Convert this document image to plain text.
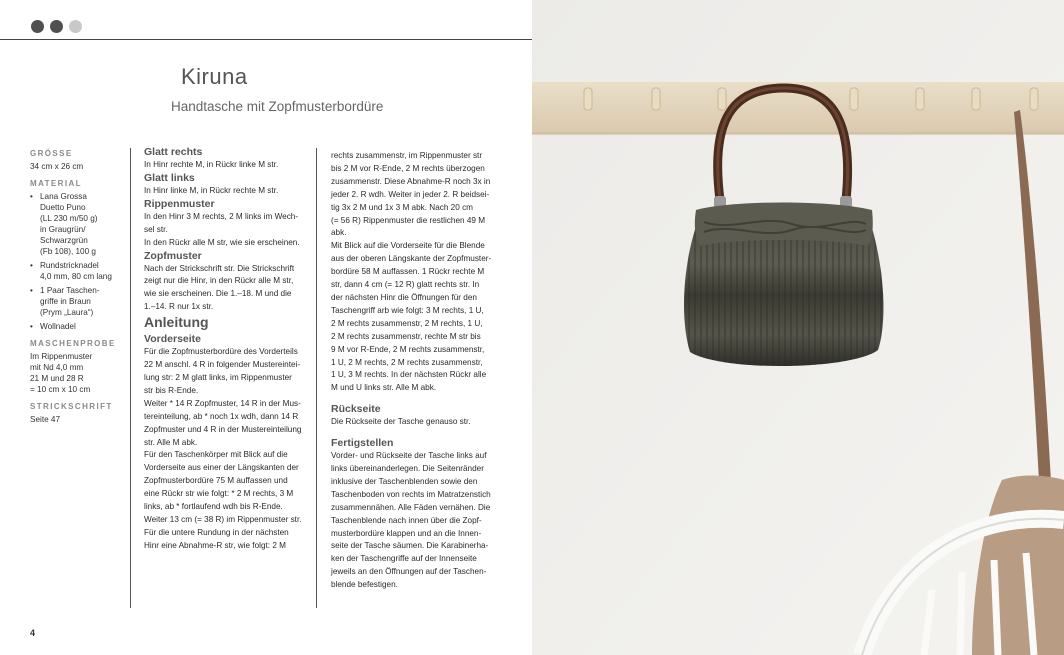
Kiruna
Handtasche mit Zopfmusterbordüre
GRÖSSE
34 cm x 26 cm
MATERIAL
• Lana Grossa
Duetto Puno
(LL 230 m/50 g)
in Graugrün/
Schwarzgrün
(Fb 108), 100 g
• Rundstricknadel
4,0 mm, 80 cm lang
• 1 Paar Taschen-
griffe in Braun
(Prym „Laura“)
• Wollnadel
MASCHENPROBE
Im Rippenmuster
mit Nd 4,0 mm
21 M und 28 R
= 10 cm x 10 cm
STRICKSCHRIFT
Seite 47

Glatt rechts

In Hinr rechte M, in Rückr linke M str.

Glatt links

In Hinr linke M, in Rückr rechte M str.

Rippenmuster

In den Hinr 3 M rechts, 2 M links im Wech-
sel str.
In den Rückr alle M str, wie sie erscheinen.

Zopfmuster

Nach der Strickschrift str. Die Strickschrift
zeigt nur die Hinr, in den Rückr alle M str,
wie sie erscheinen. Die 1.–18. M und die
1.–14. R nur 1x str.

Anleitung

Vorderseite

Für die Zopfmusterbordüre des Vorderteils
22 M anschl. 4 R in folgender Mustereintei-
lung str: 2 M glatt links, im Rippenmuster
str bis R-Ende.
Weiter * 14 R Zopfmuster, 14 R in der Mus-
tereinteilung, ab * noch 1x wdh, dann 14 R
Zopfmuster und 4 R in der Mustereinteilung
str. Alle M abk.
Für den Taschenkörper mit Blick auf die
Vorderseite aus einer der Längskanten der
Zopfmusterbordüre 75 M auffassen und
eine Rückr str wie folgt: * 2 M rechts, 3 M
links, ab * fortlaufend wdh bis R-Ende.
Weiter 13 cm (= 38 R) im Rippenmuster str.
Für die untere Rundung in der nächsten
Hinr eine Abnahme-R str, wie folgt: 2 M

rechts zusammenstr, im Rippenmuster str
bis 2 M vor R-Ende, 2 M rechts überzogen
zusammenstr. Diese Abnahme-R noch 3x in
jeder 2. R wdh. Weiter in jeder 2. R beidsei-
tig 3x 2 M und 1x 3 M abk. Nach 20 cm
(= 56 R) Rippenmuster die restlichen 49 M
abk.
Mit Blick auf die Vorderseite für die Blende
aus der oberen Längskante der Zopfmuster-
bordüre 58 M auffassen. 1 Rückr rechte M
str, dann 4 cm (= 12 R) glatt rechts str. In
der nächsten Hinr die Öffnungen für den
Taschengriff arb wie folgt: 3 M rechts, 1 U,
2 M rechts zusammenstr, 2 M rechts, 1 U,
2 M rechts zusammenstr, rechte M str bis
9 M vor R-Ende, 2 M rechts zusammenstr,
1 U, 2 M rechts, 2 M rechts zusammenstr,
1 U, 3 M rechts. In der nächsten Rückr alle
M und U links str. Alle M abk.

Rückseite

Die Rückseite der Tasche genauso str.

Fertigstellen

Vorder- und Rückseite der Tasche links auf
links übereinanderlegen. Die Seitenränder
inklusive der Taschenblenden sowie den
Taschenboden von rechts im Matratzenstich
zusammennähen. Alle Fäden vernähen. Die
Taschenblende nach innen über die Zopf-
musterbordüre klappen und an die Innen-
seite der Tasche säumen. Die Karabinerha-
ken der Taschengriffe auf der Innenseite
jeweils an den Öffnungen auf der Taschen-
blende befestigen.

4
